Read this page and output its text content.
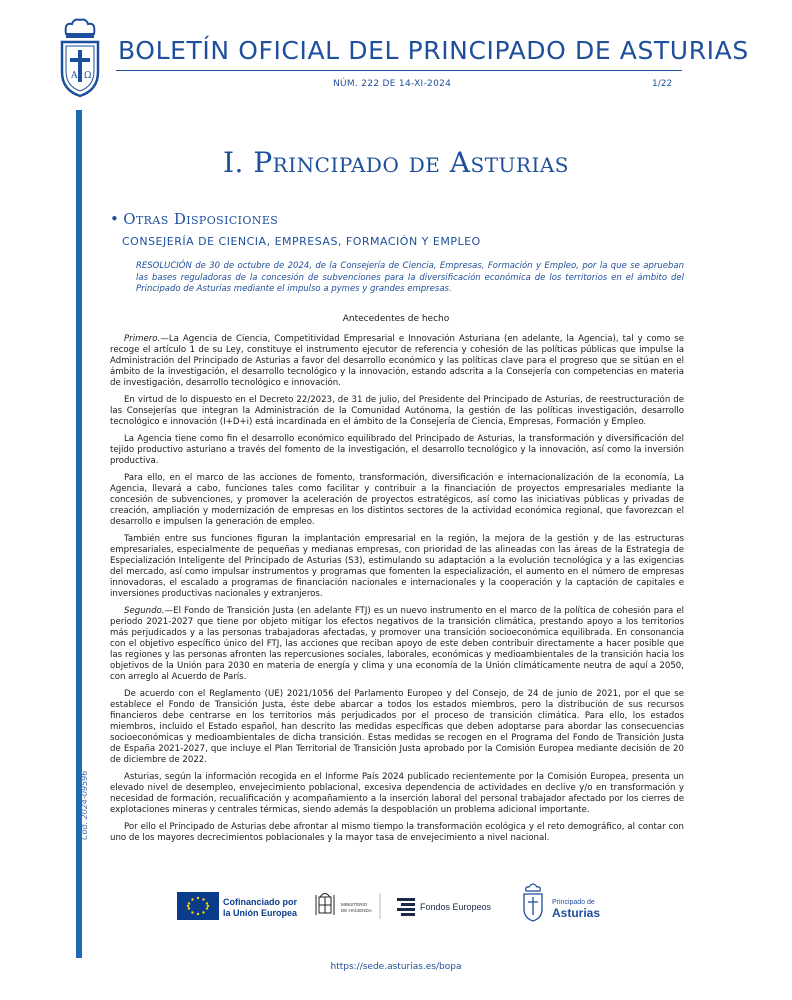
A Ω
BOLETÍN OFICIAL DEL PRINCIPADO DE ASTURIAS
NÚM. 222 DE 14-XI-2024	1/22
Cód. 2024-09596
I. Principado de Asturias
• Otras Disposiciones
CONSEJERÍA DE CIENCIA, EMPRESAS, FORMACIÓN Y EMPLEO
RESOLUCIÓN de 30 de octubre de 2024, de la Consejería de Ciencia, Empresas, Formación y Empleo, por la que se aprueban las bases reguladoras de la concesión de subvenciones para la diversificación económica de los territorios en el ámbito del Principado de Asturias mediante el impulso a pymes y grandes empresas.
Antecedentes de hecho

Primero.—La Agencia de Ciencia, Competitividad Empresarial e Innovación Asturiana (en adelante, la Agencia), tal y como se recoge el artículo 1 de su Ley, constituye el instrumento ejecutor de referencia y cohesión de las políticas públicas que impulse la Administración del Principado de Asturias a favor del desarrollo económico y las políticas clave para el progreso que se sitúan en el ámbito de la investigación, el desarrollo tecnológico y la innovación, estando adscrita a la Consejería con competencias en materia de investigación, desarrollo tecnológico e innovación.

En virtud de lo dispuesto en el Decreto 22/2023, de 31 de julio, del Presidente del Principado de Asturias, de reestructuración de las Consejerías que integran la Administración de la Comunidad Autónoma, la gestión de las políticas investigación, desarrollo tecnológico e innovación (I+D+i) está incardinada en el ámbito de la Consejería de Ciencia, Empresas, Formación y Empleo.

La Agencia tiene como fin el desarrollo económico equilibrado del Principado de Asturias, la transformación y diversificación del tejido productivo asturiano a través del fomento de la investigación, el desarrollo tecnológico y la innovación, así como la inversión productiva.

Para ello, en el marco de las acciones de fomento, transformación, diversificación e internacionalización de la economía, La Agencia, llevará a cabo, funciones tales como facilitar y contribuir a la financiación de proyectos empresariales mediante la concesión de subvenciones, y promover la aceleración de proyectos estratégicos, así como las iniciativas públicas y privadas de creación, ampliación y modernización de empresas en los distintos sectores de la actividad económica regional, que favorezcan el desarrollo e impulsen la generación de empleo.

También entre sus funciones figuran la implantación empresarial en la región, la mejora de la gestión y de las estructuras empresariales, especialmente de pequeñas y medianas empresas, con prioridad de las alineadas con las áreas de la Estrategia de Especialización Inteligente del Principado de Asturias (S3), estimulando su adaptación a la evolución tecnológica y a las exigencias del mercado, así como impulsar instrumentos y programas que fomenten la especialización, el aumento en el número de empresas innovadoras, el escalado a programas de financiación nacionales e internacionales y la cooperación y la captación de capitales e inversiones productivas nacionales y extranjeros.

Segundo.—El Fondo de Transición Justa (en adelante FTJ) es un nuevo instrumento en el marco de la política de cohesión para el periodo 2021-2027 que tiene por objeto mitigar los efectos negativos de la transición climática, prestando apoyo a los territorios más perjudicados y a las personas trabajadoras afectadas, y promover una transición socioeconómica equilibrada. En consonancia con el objetivo específico único del FTJ, las acciones que reciban apoyo de este deben contribuir directamente a hacer posible que las regiones y las personas afronten las repercusiones sociales, laborales, económicas y medioambientales de la transición hacia los objetivos de la Unión para 2030 en materia de energía y clima y una economía de la Unión climáticamente neutra de aquí a 2050, con arreglo al Acuerdo de París.

De acuerdo con el Reglamento (UE) 2021/1056 del Parlamento Europeo y del Consejo, de 24 de junio de 2021, por el que se establece el Fondo de Transición Justa, éste debe abarcar a todos los estados miembros, pero la distribución de sus recursos financieros debe centrarse en los territorios más perjudicados por el proceso de transición climática. Para ello, los estados miembros, incluido el Estado español, han descrito las medidas específicas que deben adoptarse para abordar las consecuencias socioeconómicas y medioambientales de dicha transición. Estas medidas se recogen en el Programa del Fondo de Transición Justa de España 2021-2027, que incluye el Plan Territorial de Transición Justa aprobado por la Comisión Europea mediante decisión de 20 de diciembre de 2022.

Asturias, según la información recogida en el Informe País 2024 publicado recientemente por la Comisión Europea, presenta un elevado nivel de desempleo, envejecimiento poblacional, excesiva dependencia de actividades en declive y/o en transformación y necesidad de formación, recualificación y acompañamiento a la inserción laboral del personal trabajador afectado por los cierres de explotaciones mineras y centrales térmicas, siendo además la despoblación un problema adicional importante.

Por ello el Principado de Asturias debe afrontar al mismo tiempo la transformación ecológica y el reto demográfico, al contar con uno de los mayores decrecimientos poblacionales y la mayor tasa de envejecimiento a nivel nacional.

Cofinanciado por
la Unión Europea
MINISTERIO
DE HACIENDA	Fondos Europeos	Principado de
Asturias
https://sede.asturias.es/bopa
